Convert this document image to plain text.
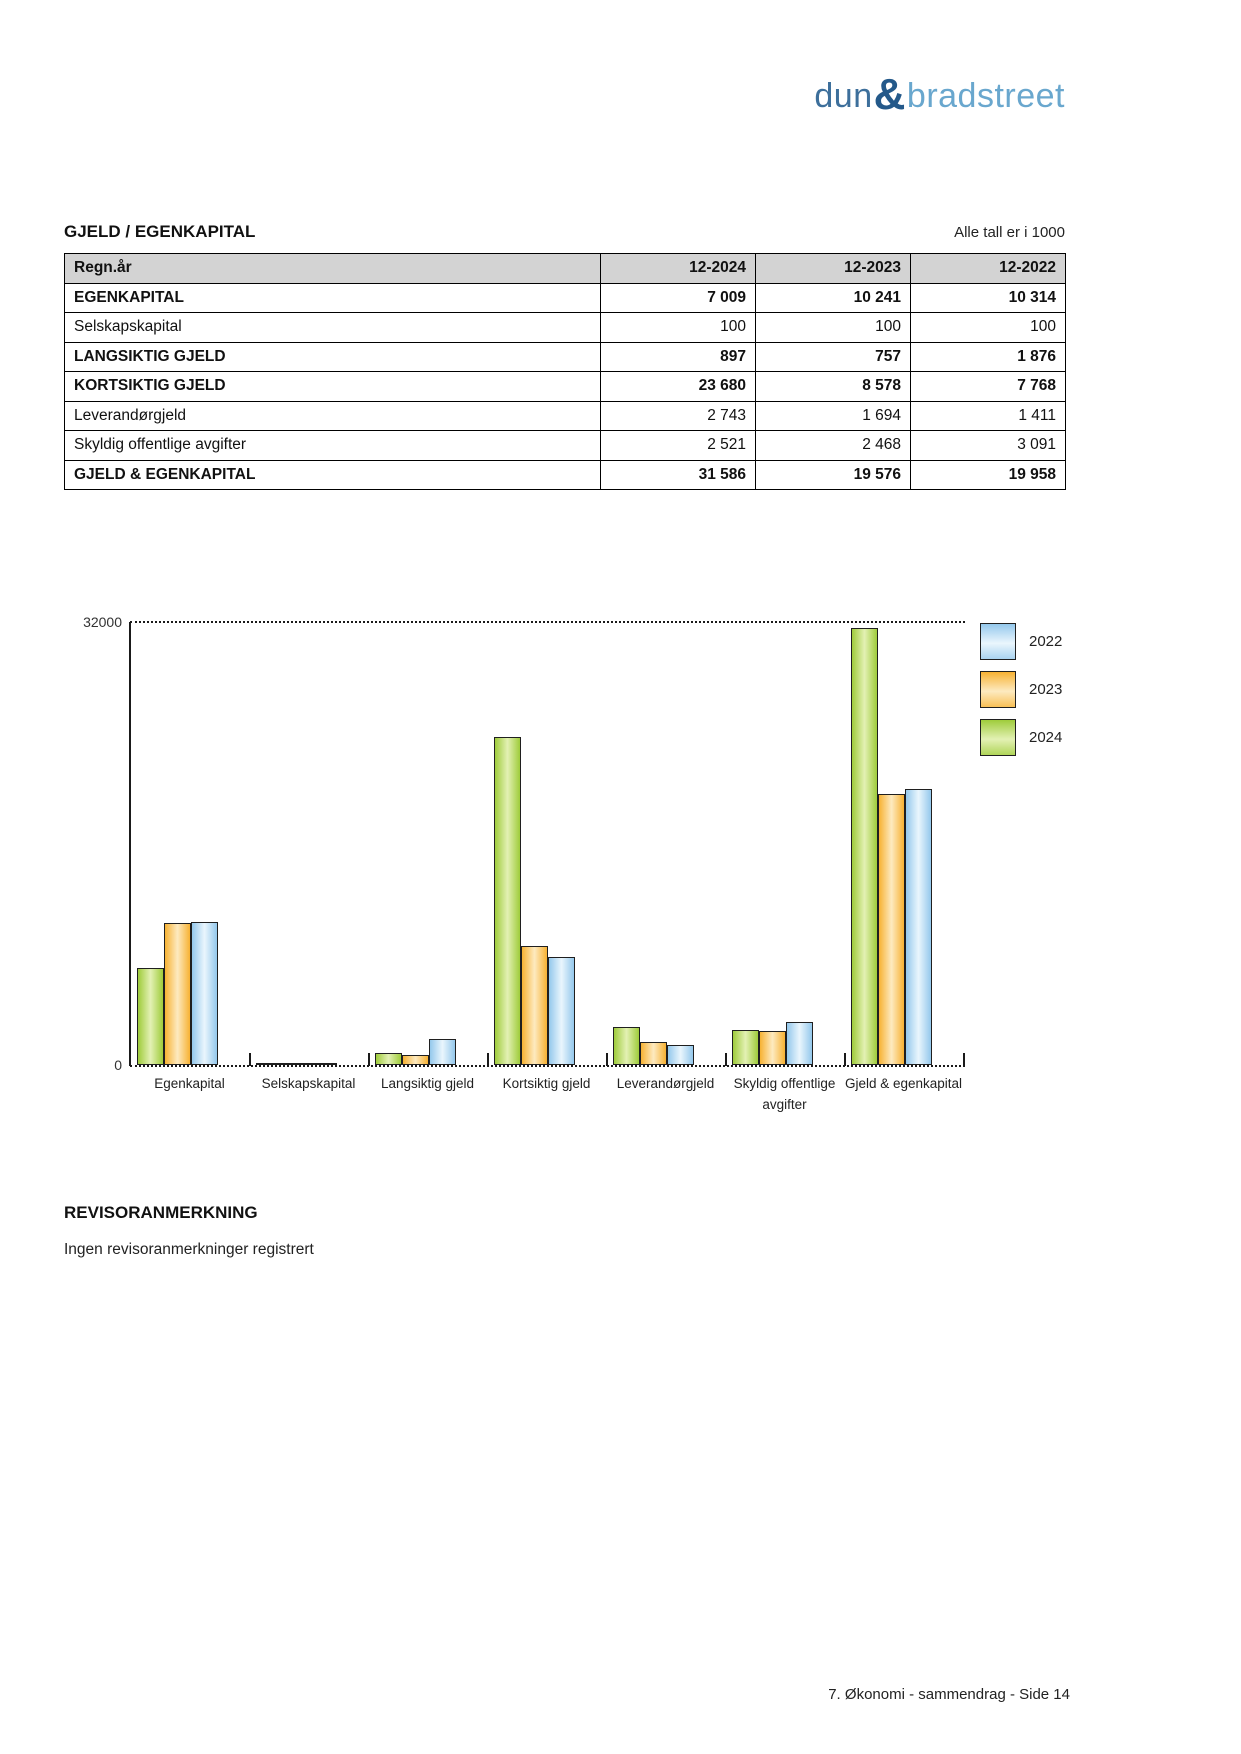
dun & bradstreet
GJELD / EGENKAPITAL	Alle tall er i 1000
Regn.år	12-2024	12-2023	12-2022
EGENKAPITAL	7 009	10 241	10 314
Selskapskapital	100	100	100
LANGSIKTIG GJELD	897	757	1 876
KORTSIKTIG GJELD	23 680	8 578	7 768
Leverandørgjeld	2 743	1 694	1 411
Skyldig offentlige avgifter	2 521	2 468	3 091
GJELD & EGENKAPITAL	31 586	19 576	19 958
32000
0
Egenkapital	Selskapskapital	Langsiktig gjeld	Kortsiktig gjeld	Leverandørgjeld	Skyldig offentlige avgifter
Gjeld & egenkapital
2022
2023
2024
REVISORANMERKNING
Ingen revisoranmerkninger registrert
7. Økonomi - sammendrag - Side 14
